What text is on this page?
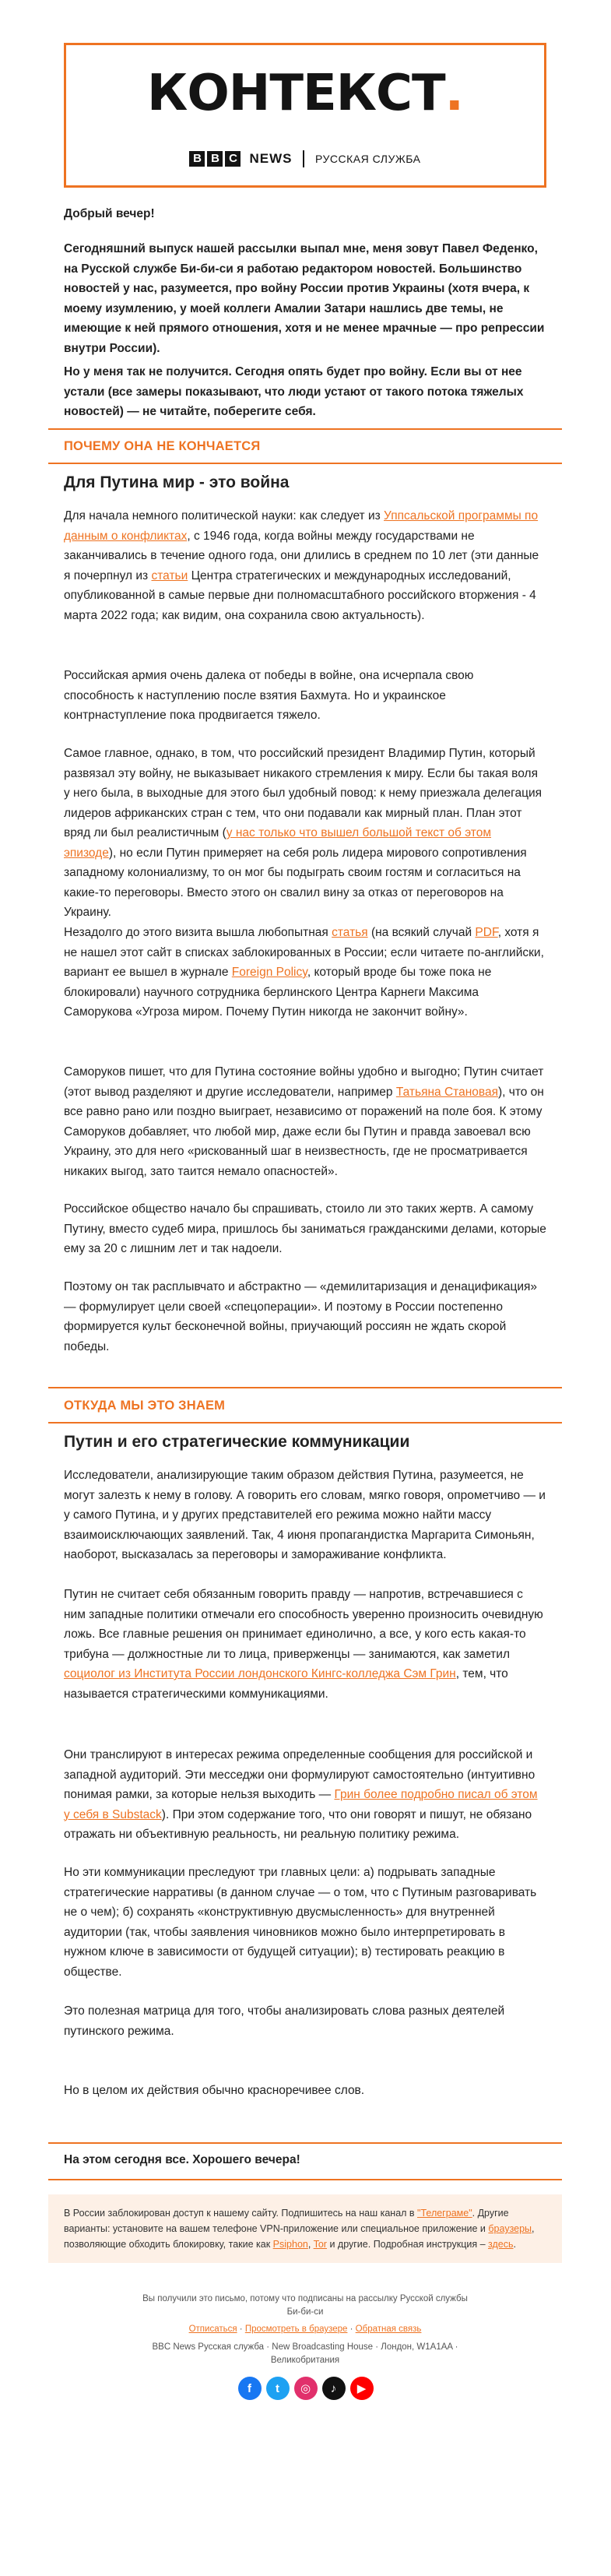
КОНТЕКСТ.
B B C NEWS РУССКАЯ СЛУЖБА

Добрый вечер!

Сегодняшний выпуск нашей рассылки выпал мне, меня зовут Павел Феденко, на Русской службе Би-би-си я работаю редактором новостей. Большинство новостей у нас, разумеется, про войну России против Украины (хотя вчера, к моему изумлению, у моей коллеги Амалии Затари нашлись две темы, не имеющие к ней прямого отношения, хотя и не менее мрачные — про репрессии внутри России).

Но у меня так не получится. Сегодня опять будет про войну. Если вы от нее устали (все замеры показывают, что люди устают от такого потока тяжелых новостей) — не читайте, поберегите себя.

ПОЧЕМУ ОНА НЕ КОНЧАЕТСЯ
Для Путина мир - это война

Для начала немного политической науки: как следует из Уппсальской программы по данным о конфликтах, с 1946 года, когда войны между государствами не заканчивались в течение одного года, они длились в среднем по 10 лет (эти данные я почерпнул из статьи Центра стратегических и международных исследований, опубликованной в самые первые дни полномасштабного российского вторжения - 4 марта 2022 года; как видим, она сохранила свою актуальность).

Российская армия очень далека от победы в войне, она исчерпала свою способность к наступлению после взятия Бахмута. Но и украинское контрнаступление пока продвигается тяжело.

Самое главное, однако, в том, что российский президент Владимир Путин, который развязал эту войну, не выказывает никакого стремления к миру. Если бы такая воля у него была, в выходные для этого был удобный повод: к нему приезжала делегация лидеров африканских стран с тем, что они подавали как мирный план. План этот вряд ли был реалистичным (у нас только что вышел большой текст об этом эпизоде), но если Путин примеряет на себя роль лидера мирового сопротивления западному колониализму, то он мог бы подыграть своим гостям и согласиться на какие-то переговоры. Вместо этого он свалил вину за отказ от переговоров на Украину.

Незадолго до этого визита вышла любопытная статья (на всякий случай PDF, хотя я не нашел этот сайт в списках заблокированных в России; если читаете по-английски, вариант ее вышел в журнале Foreign Policy, который вроде бы тоже пока не блокировали) научного сотрудника берлинского Центра Карнеги Максима Саморукова «Угроза миром. Почему Путин никогда не закончит войну».

Саморуков пишет, что для Путина состояние войны удобно и выгодно; Путин считает (этот вывод разделяют и другие исследователи, например Татьяна Становая), что он все равно рано или поздно выиграет, независимо от поражений на поле боя. К этому Саморуков добавляет, что любой мир, даже если бы Путин и правда завоевал всю Украину, это для него «рискованный шаг в неизвестность, где не просматривается никаких выгод, зато таится немало опасностей».

Российское общество начало бы спрашивать, стоило ли это таких жертв. А самому Путину, вместо судеб мира, пришлось бы заниматься гражданскими делами, которые ему за 20 с лишним лет и так надоели.

Поэтому он так расплывчато и абстрактно — «демилитаризация и денацификация» — формулирует цели своей «спецоперации». И поэтому в России постепенно формируется культ бесконечной войны, приучающий россиян не ждать скорой победы.

ОТКУДА МЫ ЭТО ЗНАЕМ
Путин и его стратегические коммуникации

Исследователи, анализирующие таким образом действия Путина, разумеется, не могут залезть к нему в голову. А говорить его словам, мягко говоря, опрометчиво — и у самого Путина, и у других представителей его режима можно найти массу взаимоисключающих заявлений. Так, 4 июня пропагандистка Маргарита Симоньян, наоборот, высказалась за переговоры и замораживание конфликта.

Путин не считает себя обязанным говорить правду — напротив, встречавшиеся с ним западные политики отмечали его способность уверенно произносить очевидную ложь. Все главные решения он принимает единолично, а все, у кого есть какая-то трибуна — должностные ли то лица, приверженцы — занимаются, как заметил социолог из Института России лондонского Кингс-колледжа Сэм Грин, тем, что называется стратегическими коммуникациями.

Они транслируют в интересах режима определенные сообщения для российской и западной аудиторий. Эти месседжи они формулируют самостоятельно (интуитивно понимая рамки, за которые нельзя выходить — Грин более подробно писал об этом у себя в Substack). При этом содержание того, что они говорят и пишут, не обязано отражать ни объективную реальность, ни реальную политику режима.

Но эти коммуникации преследуют три главных цели: а) подрывать западные стратегические нарративы (в данном случае — о том, что с Путиным разговаривать не о чем); б) сохранять «конструктивную двусмысленность» для внутренней аудитории (так, чтобы заявления чиновников можно было интерпретировать в нужном ключе в зависимости от будущей ситуации); в) тестировать реакцию в обществе.

Это полезная матрица для того, чтобы анализировать слова разных деятелей путинского режима.

Но в целом их действия обычно красноречивее слов.

На этом сегодня все. Хорошего вечера!
В России заблокирован доступ к нашему сайту. Подпишитесь на наш канал в "Телеграме". Другие варианты: установите на вашем телефоне VPN-приложение или специальное приложение и браузеры, позволяющие обходить блокировку, такие как Psiphon, Tor и другие. Подробная инструкция – здесь.
Вы получили это письмо, потому что подписаны на рассылку Русской службы Би-би-си
Отписаться · Просмотреть в браузере · Обратная связь
BBC News Русская служба · New Broadcasting House · Лондон, W1A1AA · Великобритания
f t ◎ ♪ ▶
